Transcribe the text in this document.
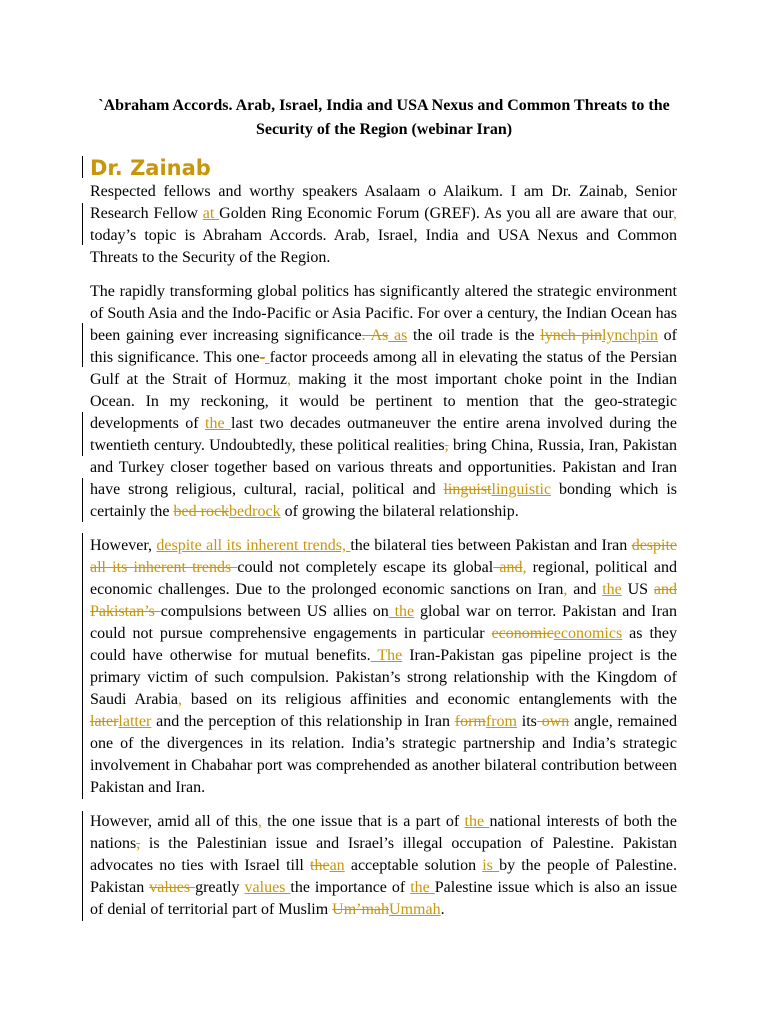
`Abraham Accords. Arab, Israel, India and USA Nexus and Common Threats to the Security of the Region (webinar Iran)
Dr. Zainab

Respected fellows and worthy speakers Asalaam o Alaikum. I am Dr. Zainab, Senior Research Fellow at Golden Ring Economic Forum (GREF). As you all are aware that our, today’s topic is Abraham Accords. Arab, Israel, India and USA Nexus and Common Threats to the Security of the Region.

The rapidly transforming global politics has significantly altered the strategic environment of South Asia and the Indo-Pacific or Asia Pacific. For over a century, the Indian Ocean has been gaining ever increasing significance. As as the oil trade is the lynch pinlynchpin of this significance. This one- factor proceeds among all in elevating the status of the Persian Gulf at the Strait of Hormuz, making it the most important choke point in the Indian Ocean. In my reckoning, it would be pertinent to mention that the geo-strategic developments of the last two decades outmaneuver the entire arena involved during the twentieth century. Undoubtedly, these political realities, bring China, Russia, Iran, Pakistan and Turkey closer together based on various threats and opportunities. Pakistan and Iran have strong religious, cultural, racial, political and linguistlinguistic bonding which is certainly the bed rockbedrock of growing the bilateral relationship.

However, despite all its inherent trends, the bilateral ties between Pakistan and Iran despite all its inherent trends could not completely escape its global and, regional, political and economic challenges. Due to the prolonged economic sanctions on Iran, and the US and Pakistan’s compulsions between US allies on the global war on terror. Pakistan and Iran could not pursue comprehensive engagements in particular economiceconomics as they could have otherwise for mutual benefits. The Iran-Pakistan gas pipeline project is the primary victim of such compulsion. Pakistan’s strong relationship with the Kingdom of Saudi Arabia, based on its religious affinities and economic entanglements with the laterlatter and the perception of this relationship in Iran formfrom its own angle, remained one of the divergences in its relation. India’s strategic partnership and India’s strategic involvement in Chabahar port was comprehended as another bilateral contribution between Pakistan and Iran.

However, amid all of this, the one issue that is a part of the national interests of both the nations, is the Palestinian issue and Israel’s illegal occupation of Palestine. Pakistan advocates no ties with Israel till thean acceptable solution is by the people of Palestine. Pakistan values greatly values the importance of the Palestine issue which is also an issue of denial of territorial part of Muslim Um’mahUmmah.
